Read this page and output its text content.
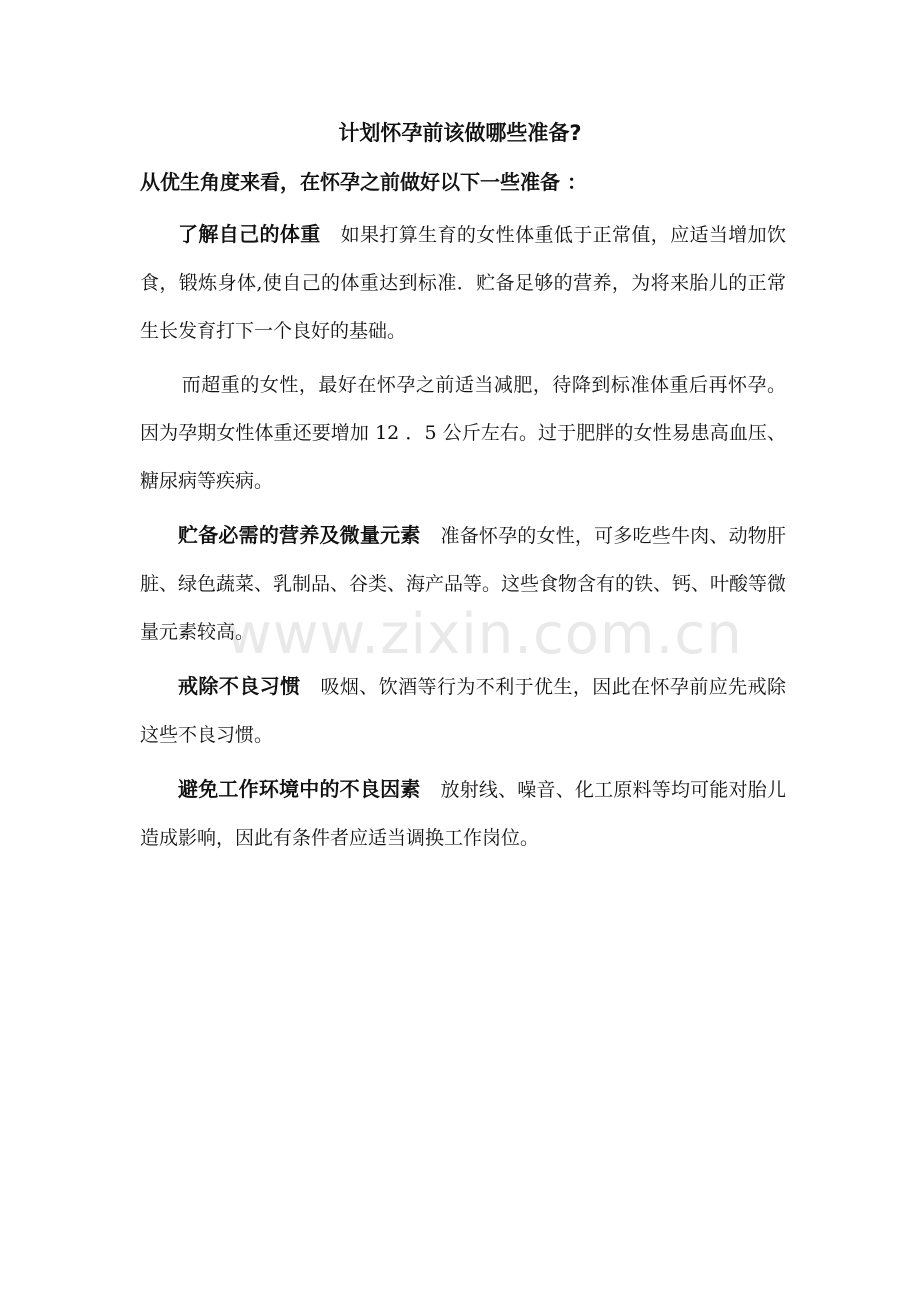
计划怀孕前该做哪些准备?

从优生角度来看，在怀孕之前做好以下一些准备 ：

了解自己的体重 如果打算生育的女性体重低于正常值，应适当增加饮食，锻炼身体,使自己的体重达到标准．贮备足够的营养，为将来胎儿的正常生长发育打下一个良好的基础。

而超重的女性，最好在怀孕之前适当减肥，待降到标准体重后再怀孕。因为孕期女性体重还要增加 12 ．5 公斤左右。过于肥胖的女性易患高血压、糖尿病等疾病。

贮备必需的营养及微量元素 准备怀孕的女性，可多吃些牛肉、动物肝脏、绿色蔬菜、乳制品、谷类、海产品等。这些食物含有的铁、钙、叶酸等微量元素较高。

戒除不良习惯 吸烟、饮酒等行为不利于优生，因此在怀孕前应先戒除这些不良习惯。

避免工作环境中的不良因素 放射线、噪音、化工原料等均可能对胎儿造成影响，因此有条件者应适当调换工作岗位。

www.zixin.com.cn
